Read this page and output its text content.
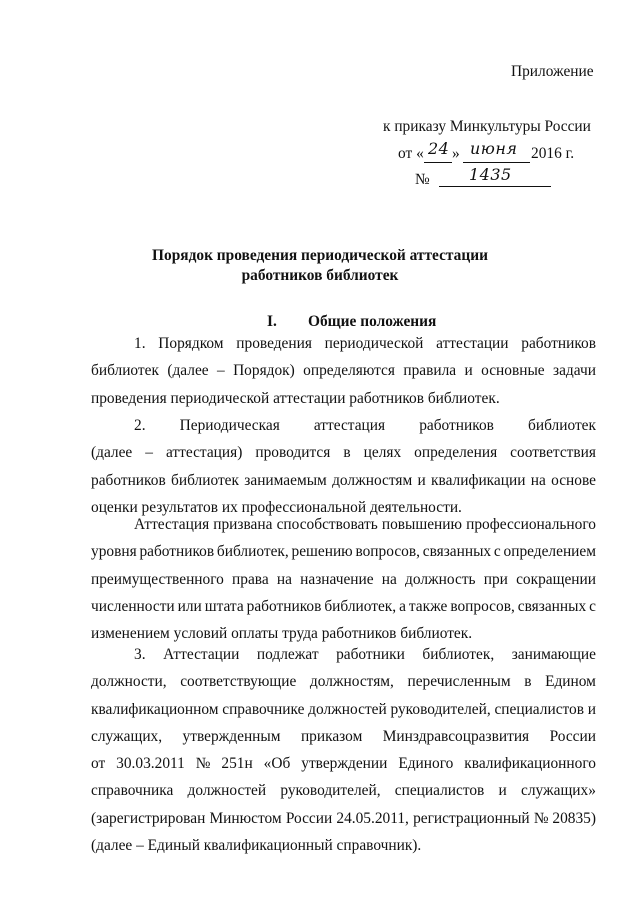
Приложение
к приказу Минкультуры России
от « 24 » июня 2016 г.
№ 1435
Порядок проведения периодической аттестации
работников библиотек
I. Общие положения
1. Порядком проведения периодической аттестации работников
библиотек (далее – Порядок) определяются правила и основные задачи
проведения периодической аттестации работников библиотек.
2. Периодическая аттестация работников библиотек
(далее – аттестация) проводится в целях определения соответствия
работников библиотек занимаемым должностям и квалификации на основе
оценки результатов их профессиональной деятельности.
Аттестация призвана способствовать повышению профессионального
уровня работников библиотек, решению вопросов, связанных с определением
преимущественного права на назначение на должность при сокращении
численности или штата работников библиотек, а также вопросов, связанных с
изменением условий оплаты труда работников библиотек.
3. Аттестации подлежат работники библиотек, занимающие
должности, соответствующие должностям, перечисленным в Едином
квалификационном справочнике должностей руководителей, специалистов и
служащих, утвержденным приказом Минздравсоцразвития России
от 30.03.2011 № 251н «Об утверждении Единого квалификационного
справочника должностей руководителей, специалистов и служащих»
(зарегистрирован Минюстом России 24.05.2011, регистрационный № 20835)
(далее – Единый квалификационный справочник).
